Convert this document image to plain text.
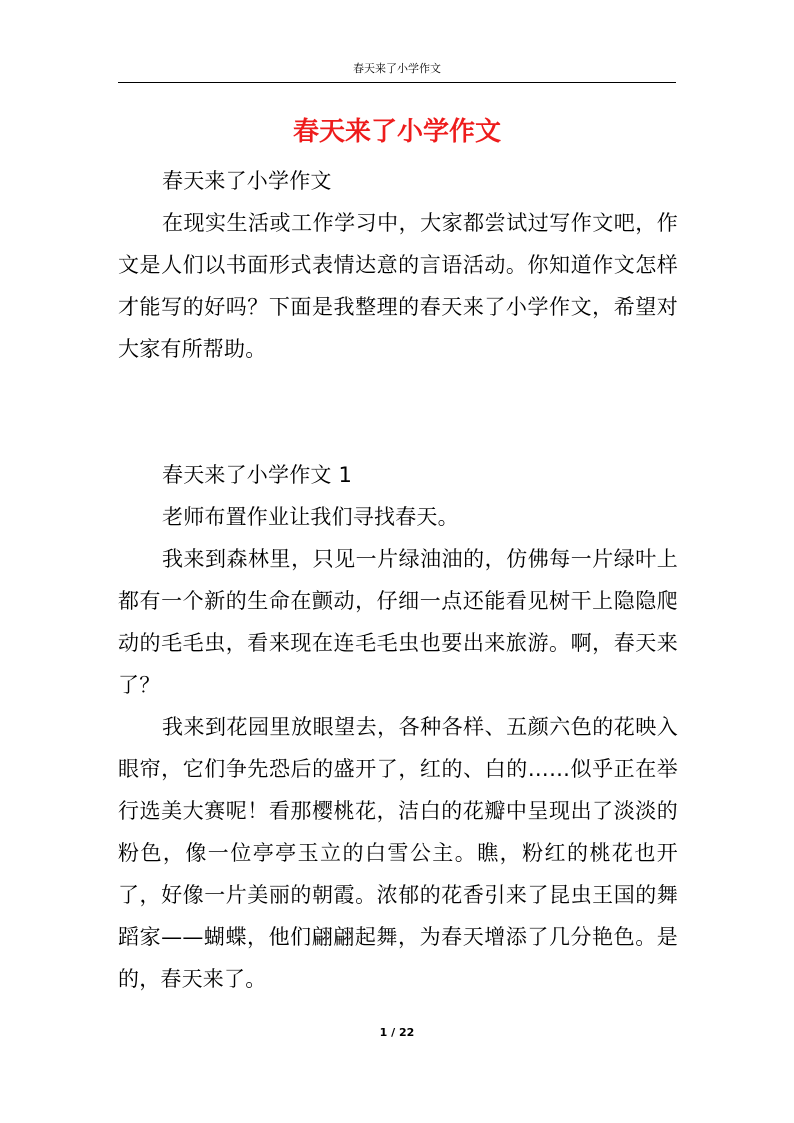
春天来了小学作文
春天来了小学作文

春天来了小学作文

在现实生活或工作学习中，大家都尝试过写作文吧，作文是人们以书面形式表情达意的言语活动。你知道作文怎样才能写的好吗？下面是我整理的春天来了小学作文，希望对大家有所帮助。

春天来了小学作文 1

老师布置作业让我们寻找春天。

我来到森林里，只见一片绿油油的，仿佛每一片绿叶上都有一个新的生命在颤动，仔细一点还能看见树干上隐隐爬动的毛毛虫，看来现在连毛毛虫也要出来旅游。啊，春天来了？

我来到花园里放眼望去，各种各样、五颜六色的花映入眼帘，它们争先恐后的盛开了，红的、白的……似乎正在举行选美大赛呢！看那樱桃花，洁白的花瓣中呈现出了淡淡的粉色，像一位亭亭玉立的白雪公主。瞧，粉红的桃花也开了，好像一片美丽的朝霞。浓郁的花香引来了昆虫王国的舞蹈家——蝴蝶，他们翩翩起舞，为春天增添了几分艳色。是的，春天来了。

1 / 22
